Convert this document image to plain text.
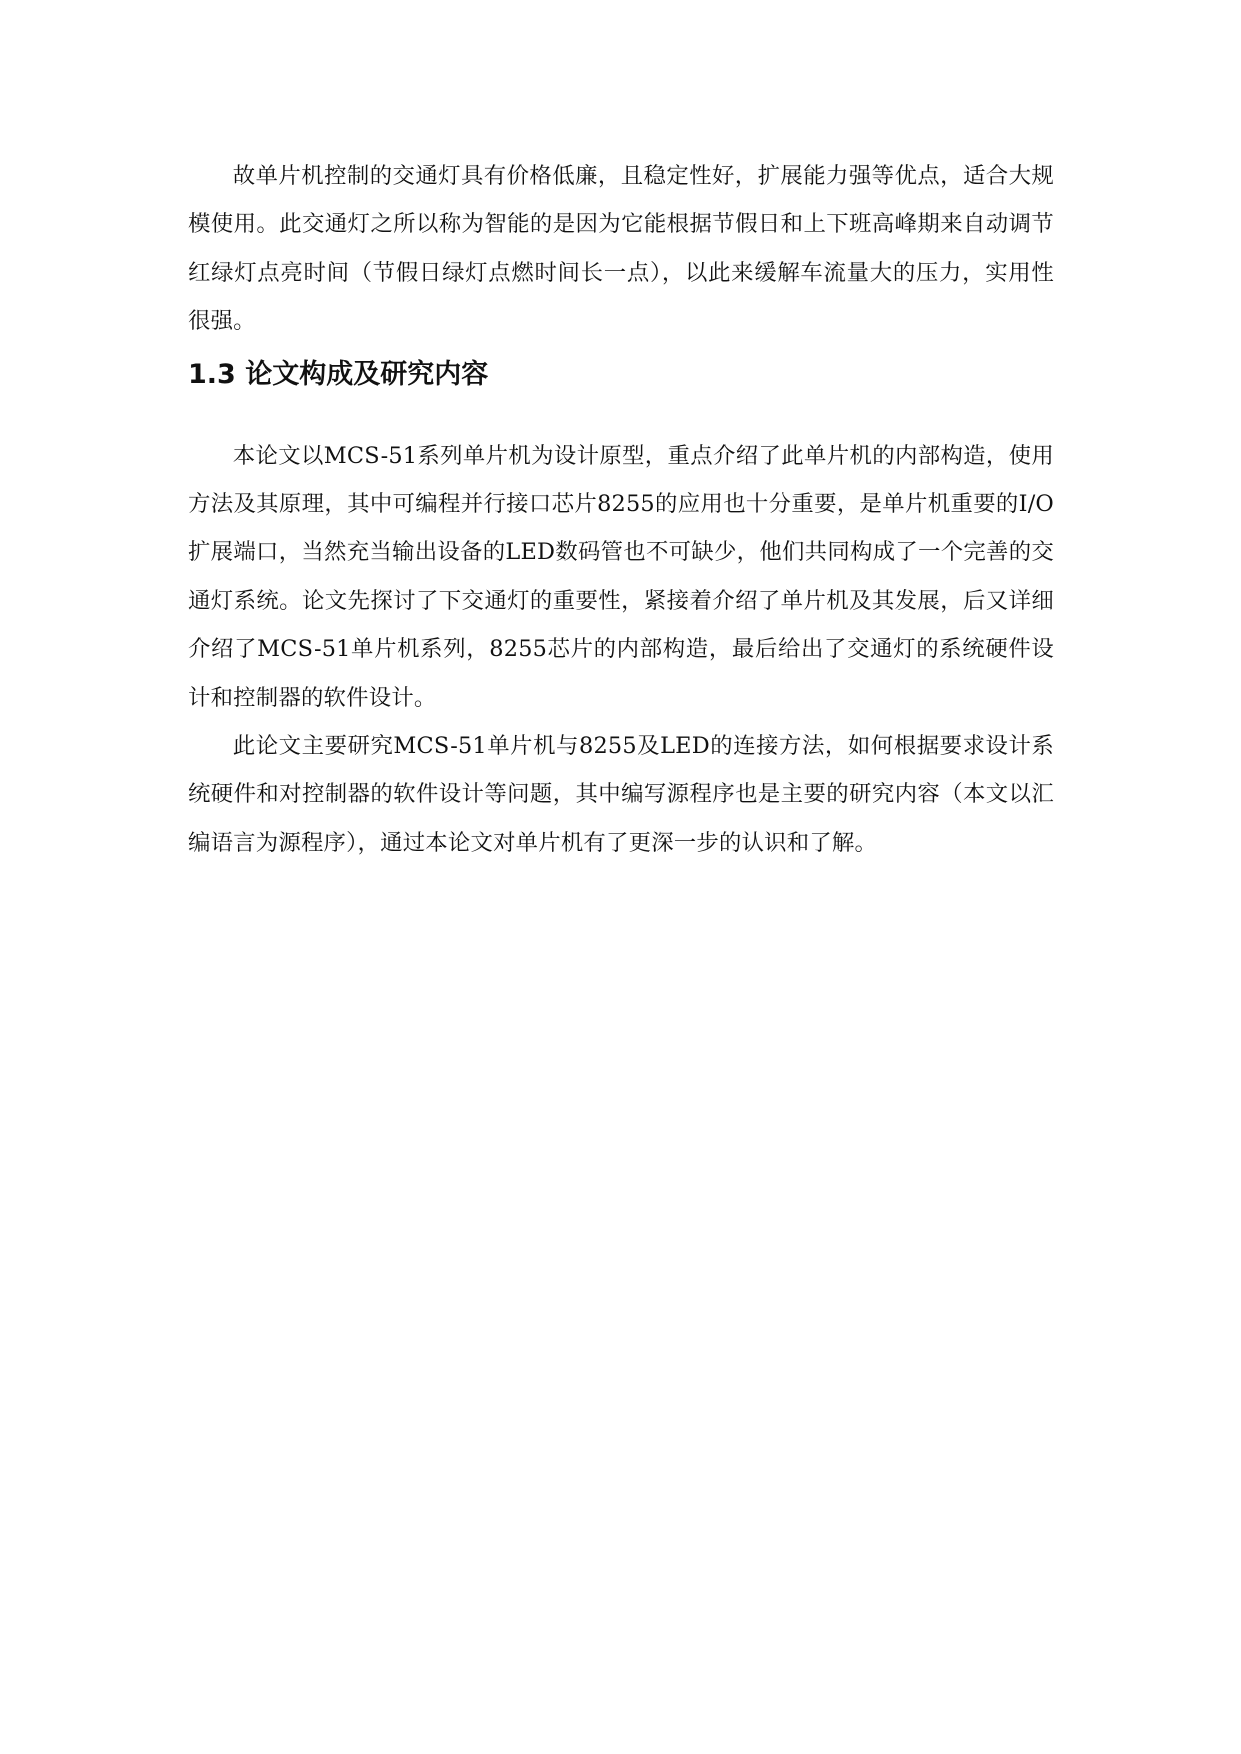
故单片机控制的交通灯具有价格低廉，且稳定性好，扩展能力强等优点，适合大规模使用。此交通灯之所以称为智能的是因为它能根据节假日和上下班高峰期来自动调节红绿灯点亮时间（节假日绿灯点燃时间长一点），以此来缓解车流量大的压力，实用性很强。

1.3 论文构成及研究内容

本论文以MCS-51系列单片机为设计原型，重点介绍了此单片机的内部构造，使用方法及其原理，其中可编程并行接口芯片8255的应用也十分重要，是单片机重要的I/O扩展端口，当然充当输出设备的LED数码管也不可缺少，他们共同构成了一个完善的交通灯系统。论文先探讨了下交通灯的重要性，紧接着介绍了单片机及其发展，后又详细介绍了MCS-51单片机系列，8255芯片的内部构造，最后给出了交通灯的系统硬件设计和控制器的软件设计。

此论文主要研究MCS-51单片机与8255及LED的连接方法，如何根据要求设计系统硬件和对控制器的软件设计等问题，其中编写源程序也是主要的研究内容（本文以汇编语言为源程序），通过本论文对单片机有了更深一步的认识和了解。
